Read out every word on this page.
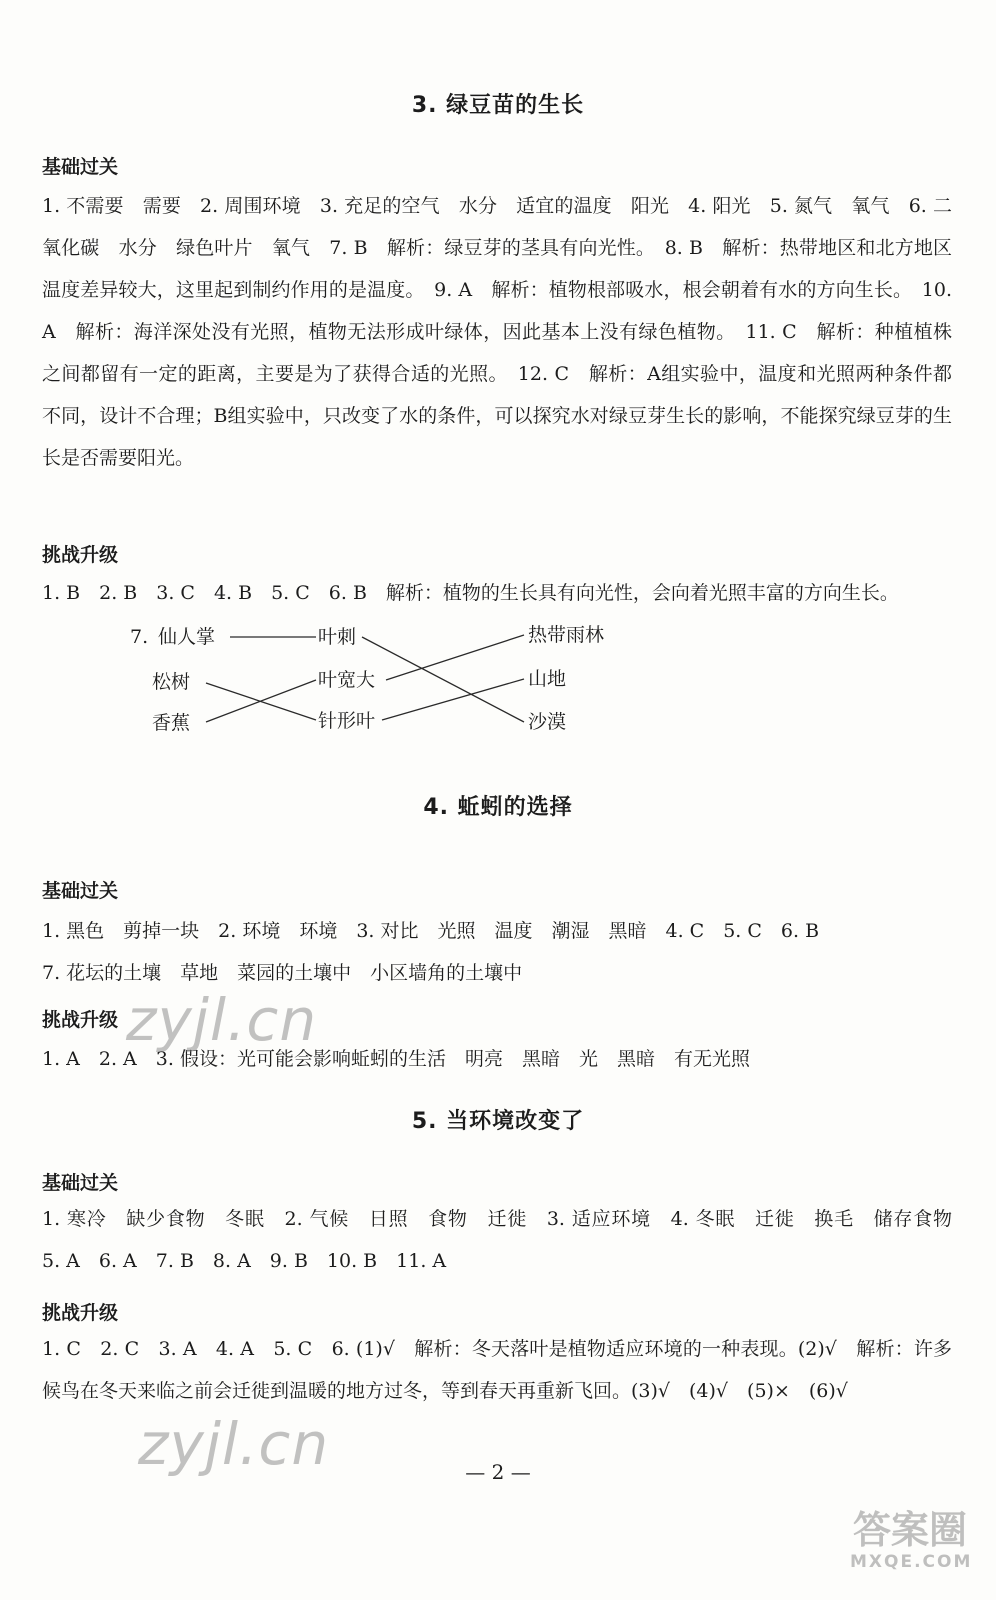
3. 绿豆苗的生长
基础过关
1. 不需要　需要　2. 周围环境　3. 充足的空气　水分　适宜的温度　阳光　4. 阳光　5. 氮气　氧气　6. 二氧化碳　水分　绿色叶片　氧气　7. B　解析：绿豆芽的茎具有向光性。　8. B　解析：热带地区和北方地区温度差异较大，这里起到制约作用的是温度。　9. A　解析：植物根部吸水，根会朝着有水的方向生长。　10. A　解析：海洋深处没有光照，植物无法形成叶绿体，因此基本上没有绿色植物。　11. C　解析：种植植株之间都留有一定的距离，主要是为了获得合适的光照。　12. C　解析：A组实验中，温度和光照两种条件都不同，设计不合理；B组实验中，只改变了水的条件，可以探究水对绿豆芽生长的影响，不能探究绿豆芽的生长是否需要阳光。
挑战升级
1. B　2. B　3. C　4. B　5. C　6. B　解析：植物的生长具有向光性，会向着光照丰富的方向生长。
7. 仙人掌
松树
香蕉
叶刺
叶宽大
针形叶
热带雨林
山地
沙漠
4. 蚯蚓的选择
基础过关
1. 黑色　剪掉一块　2. 环境　环境　3. 对比　光照　温度　潮湿　黑暗　4. C　5. C　6. B
7. 花坛的土壤　草地　菜园的土壤中　小区墙角的土壤中
挑战升级
1. A　2. A　3. 假设：光可能会影响蚯蚓的生活　明亮　黑暗　光　黑暗　有无光照
5. 当环境改变了
基础过关
1. 寒冷　缺少食物　冬眠　2. 气候　日照　食物　迁徙　3. 适应环境　4. 冬眠　迁徙　换毛　储存食物　5. A　6. A　7. B　8. A　9. B　10. B　11. A
挑战升级
1. C　2. C　3. A　4. A　5. C　6. (1)√　解析：冬天落叶是植物适应环境的一种表现。(2)√　解析：许多候鸟在冬天来临之前会迁徙到温暖的地方过冬，等到春天再重新飞回。(3)√　(4)√　(5)×　(6)√
— 2 —
zyjl.cn
zyjl.cn
答案圈
MXQE.COM
